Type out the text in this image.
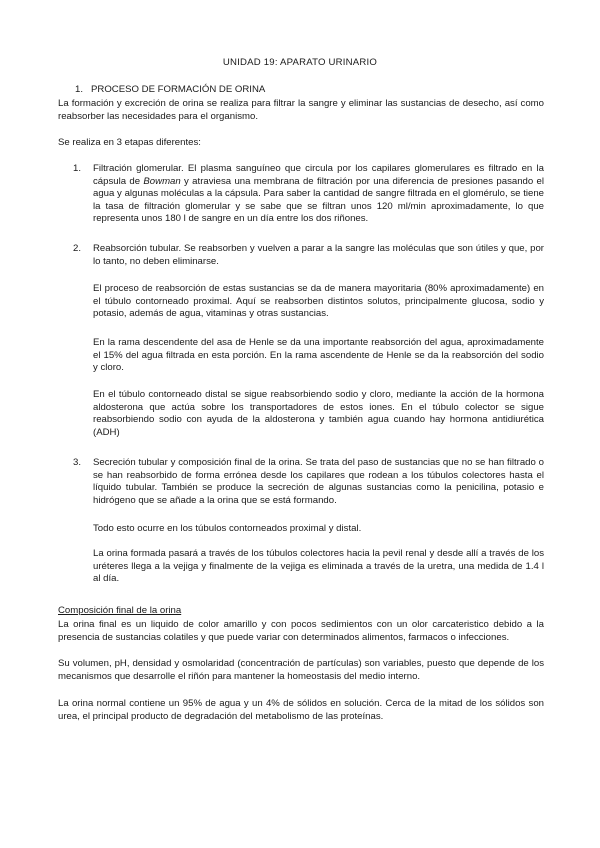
UNIDAD 19: APARATO URINARIO
1. PROCESO DE FORMACIÓN DE ORINA

La formación y excreción de orina se realiza para filtrar la sangre y eliminar las sustancias de desecho, así como reabsorber las necesidades para el organismo.

Se realiza en 3 etapas diferentes:

1. Filtración glomerular. El plasma sanguíneo que circula por los capilares glomerulares es filtrado en la cápsula de Bowman y atraviesa una membrana de filtración por una diferencia de presiones pasando el agua y algunas moléculas a la cápsula. Para saber la cantidad de sangre filtrada en el glomérulo, se tiene la tasa de filtración glomerular y se sabe que se filtran unos 120 ml/min aproximadamente, lo que representa unos 180 l de sangre en un día entre los dos riñones.

2. Reabsorción tubular. Se reabsorben y vuelven a parar a la sangre las moléculas que son útiles y que, por lo tanto, no deben eliminarse.

El proceso de reabsorción de estas sustancias se da de manera mayoritaria (80% aproximadamente) en el túbulo contorneado proximal. Aquí se reabsorben distintos solutos, principalmente glucosa, sodio y potasio, además de agua, vitaminas y otras sustancias.

En la rama descendente del asa de Henle se da una importante reabsorción del agua, aproximadamente el 15% del agua filtrada en esta porción. En la rama ascendente de Henle se da la reabsorción del sodio y cloro.

En el túbulo contorneado distal se sigue reabsorbiendo sodio y cloro, mediante la acción de la hormona aldosterona que actúa sobre los transportadores de estos iones. En el túbulo colector se sigue reabsorbiendo sodio con ayuda de la aldosterona y también agua cuando hay hormona antidiurética (ADH)

3. Secreción tubular y composición final de la orina. Se trata del paso de sustancias que no se han filtrado o se han reabsorbido de forma errónea desde los capilares que rodean a los túbulos colectores hasta el líquido tubular. También se produce la secreción de algunas sustancias como la penicilina, potasio e hidrógeno que se añade a la orina que se está formando.

Todo esto ocurre en los túbulos contorneados proximal y distal.

La orina formada pasará a través de los túbulos colectores hacia la pevil renal y desde allí a través de los uréteres llega a la vejiga y finalmente de la vejiga es eliminada a través de la uretra, una medida de 1.4 l al día.

Composición final de la orina

La orina final es un liquido de color amarillo y con pocos sedimientos con un olor carcateristico debido a la presencia de sustancias colatiles y que puede variar con determinados alimentos, farmacos o infecciones.

Su volumen, pH, densidad y osmolaridad (concentración de partículas) son variables, puesto que depende de los mecanismos que desarrolle el riñón para mantener la homeostasis del medio interno.

La orina normal contiene un 95% de agua y un 4% de sólidos en solución. Cerca de la mitad de los sólidos son urea, el principal producto de degradación del metabolismo de las proteínas.
